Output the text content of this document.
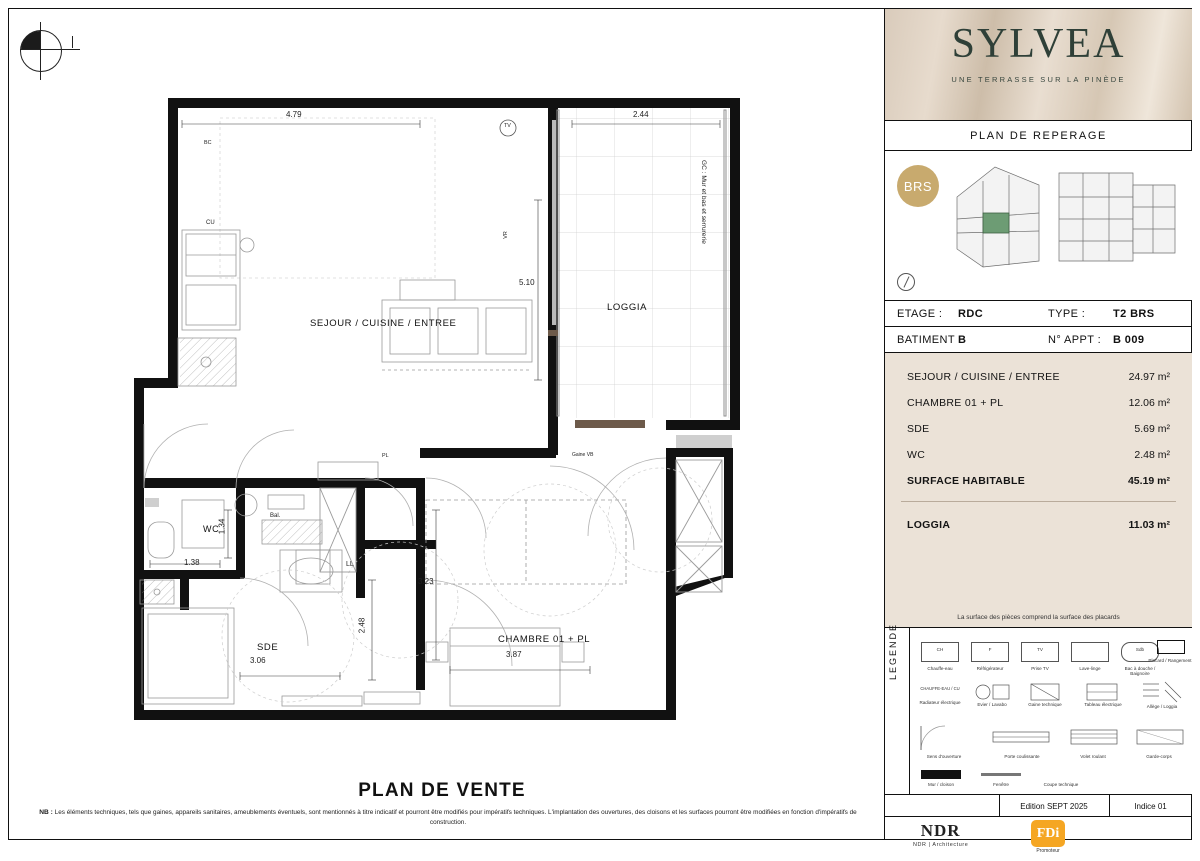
SEJOUR / CUISINE / ENTREE
LOGGIA
CHAMBRE 01 + PL
SDE
WC
4.79	2.44
5.10
3.23
3.87
2.48
3.06
1.38
1.34
GC : Mur et bas et serrurerie
TV
CU
BC
VR
Bal.
LL
PL	Gaine VB
PLAN DE VENTE
NB : Les éléments techniques, tels que gaines, appareils sanitaires, ameublements éventuels, sont mentionnés à titre indicatif et pourront être modifiés pour impératifs techniques. L'implantation des ouvertures, des cloisons et les surfaces pourront être modifiées en fonction d'impératifs de construction.
SYLVEA
UNE TERRASSE SUR LA PINÈDE
PLAN DE REPERAGE
BRS
ETAGE : RDC	TYPE :	T2 BRS
BATIMENT B	N° APPT : B 009
SEJOUR / CUISINE / ENTREE	24.97 m²
CHAMBRE 01 + PL	12.06 m²
SDE	5.69 m²
WC	2.48 m²
SURFACE HABITABLE	45.19 m²
LOGGIA	11.03 m²
La surface des pièces comprend la surface des placards
LEGENDE	CH
Chauffe-eau
F
Réfrigérateur
TV
Prise TV	Lave-linge
Sdb
Bac à douche / Baignoire
Placard / Rangement
CHAUFFE-EAU / CU
Radiateur électrique	Evier / Lavabo	Gaine technique	Tableau électrique	Allège / Loggia
Sens d'ouverture	Porte coulissante	Volet roulant	Garde-corps
Mur / cloison	Fenêtre	Coupe technique
Edition SEPT 2025	Indice 01
NDR
NDR | Architecture
FDi
Promoteur
